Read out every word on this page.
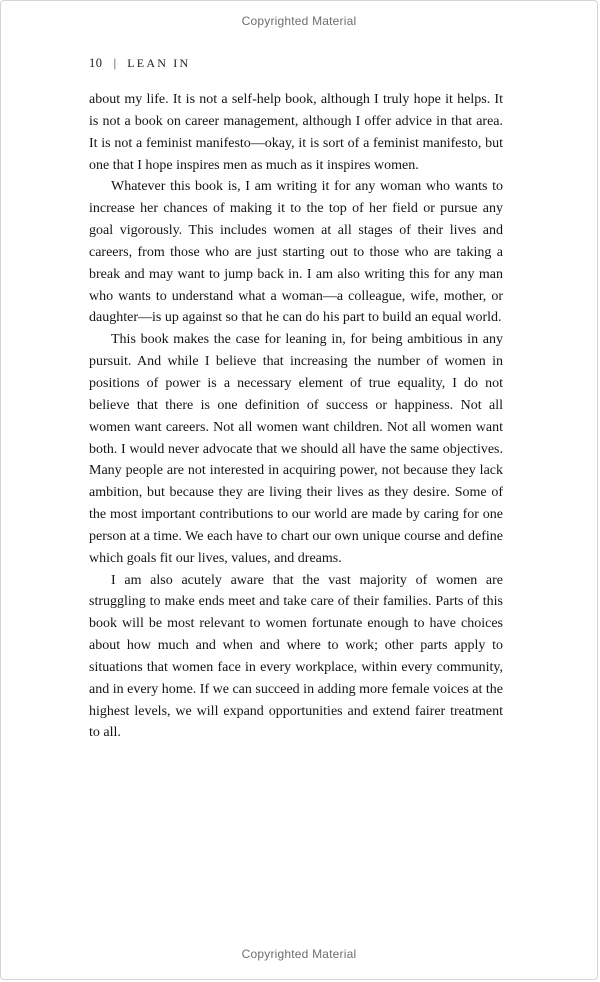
Copyrighted Material
10 | LEAN IN

about my life. It is not a self-help book, although I truly hope it helps. It is not a book on career management, although I offer advice in that area. It is not a feminist manifesto—okay, it is sort of a feminist manifesto, but one that I hope inspires men as much as it inspires women.

Whatever this book is, I am writing it for any woman who wants to increase her chances of making it to the top of her field or pursue any goal vigorously. This includes women at all stages of their lives and careers, from those who are just starting out to those who are taking a break and may want to jump back in. I am also writing this for any man who wants to understand what a woman—a colleague, wife, mother, or daughter—is up against so that he can do his part to build an equal world.

This book makes the case for leaning in, for being ambitious in any pursuit. And while I believe that increasing the number of women in positions of power is a necessary element of true equality, I do not believe that there is one definition of success or happiness. Not all women want careers. Not all women want children. Not all women want both. I would never advocate that we should all have the same objectives. Many people are not interested in acquiring power, not because they lack ambition, but because they are living their lives as they desire. Some of the most important contributions to our world are made by caring for one person at a time. We each have to chart our own unique course and define which goals fit our lives, values, and dreams.

I am also acutely aware that the vast majority of women are struggling to make ends meet and take care of their families. Parts of this book will be most relevant to women fortunate enough to have choices about how much and when and where to work; other parts apply to situations that women face in every workplace, within every community, and in every home. If we can succeed in adding more female voices at the highest levels, we will expand opportunities and extend fairer treatment to all.

Copyrighted Material
